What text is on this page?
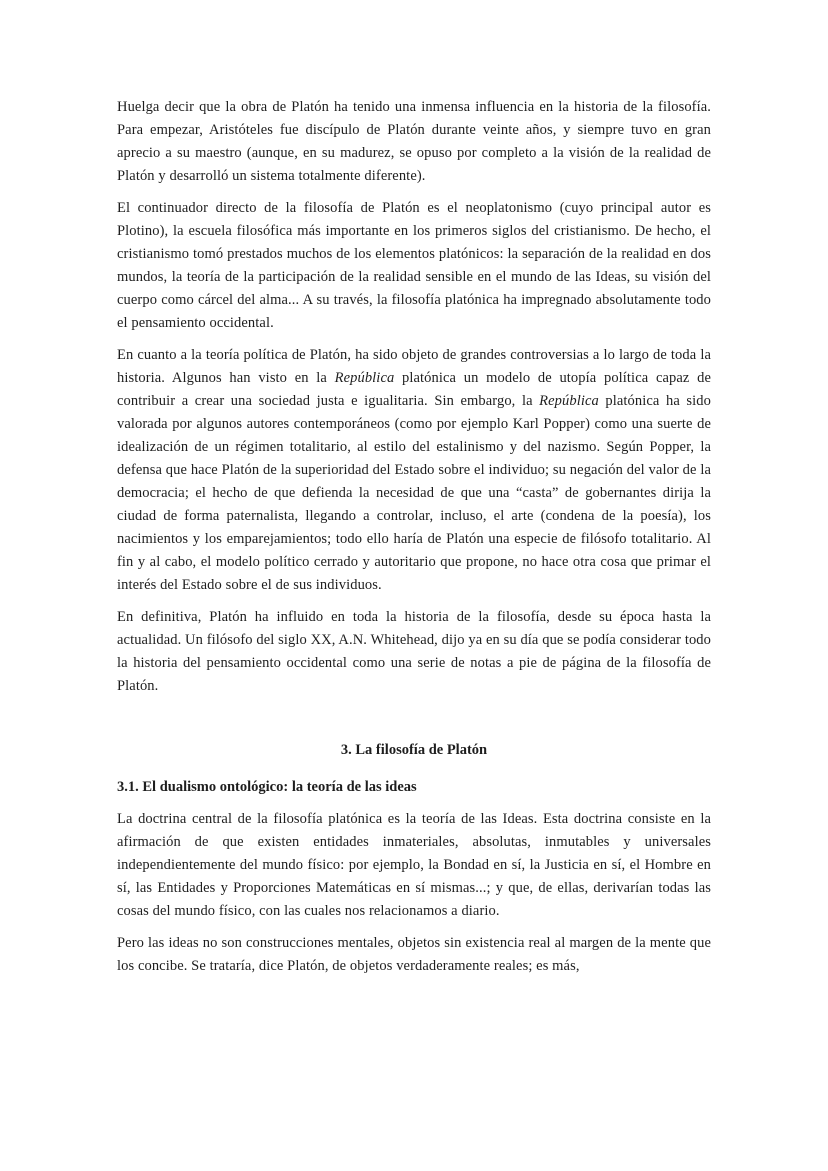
Huelga decir que la obra de Platón ha tenido una inmensa influencia en la historia de la filosofía. Para empezar, Aristóteles fue discípulo de Platón durante veinte años, y siempre tuvo en gran aprecio a su maestro (aunque, en su madurez, se opuso por completo a la visión de la realidad de Platón y desarrolló un sistema totalmente diferente).

El continuador directo de la filosofía de Platón es el neoplatonismo (cuyo principal autor es Plotino), la escuela filosófica más importante en los primeros siglos del cristianismo. De hecho, el cristianismo tomó prestados muchos de los elementos platónicos: la separación de la realidad en dos mundos, la teoría de la participación de la realidad sensible en el mundo de las Ideas, su visión del cuerpo como cárcel del alma... A su través, la filosofía platónica ha impregnado absolutamente todo el pensamiento occidental.

En cuanto a la teoría política de Platón, ha sido objeto de grandes controversias a lo largo de toda la historia. Algunos han visto en la República platónica un modelo de utopía política capaz de contribuir a crear una sociedad justa e igualitaria. Sin embargo, la República platónica ha sido valorada por algunos autores contemporáneos (como por ejemplo Karl Popper) como una suerte de idealización de un régimen totalitario, al estilo del estalinismo y del nazismo. Según Popper, la defensa que hace Platón de la superioridad del Estado sobre el individuo; su negación del valor de la democracia; el hecho de que defienda la necesidad de que una “casta” de gobernantes dirija la ciudad de forma paternalista, llegando a controlar, incluso, el arte (condena de la poesía), los nacimientos y los emparejamientos; todo ello haría de Platón una especie de filósofo totalitario. Al fin y al cabo, el modelo político cerrado y autoritario que propone, no hace otra cosa que primar el interés del Estado sobre el de sus individuos.

En definitiva, Platón ha influido en toda la historia de la filosofía, desde su época hasta la actualidad. Un filósofo del siglo XX, A.N. Whitehead, dijo ya en su día que se podía considerar todo la historia del pensamiento occidental como una serie de notas a pie de página de la filosofía de Platón.

3. La filosofía de Platón
3.1. El dualismo ontológico: la teoría de las ideas

La doctrina central de la filosofía platónica es la teoría de las Ideas. Esta doctrina consiste en la afirmación de que existen entidades inmateriales, absolutas, inmutables y universales independientemente del mundo físico: por ejemplo, la Bondad en sí, la Justicia en sí, el Hombre en sí, las Entidades y Proporciones Matemáticas en sí mismas...; y que, de ellas, derivarían todas las cosas del mundo físico, con las cuales nos relacionamos a diario.

Pero las ideas no son construcciones mentales, objetos sin existencia real al margen de la mente que los concibe. Se trataría, dice Platón, de objetos verdaderamente reales; es más,
